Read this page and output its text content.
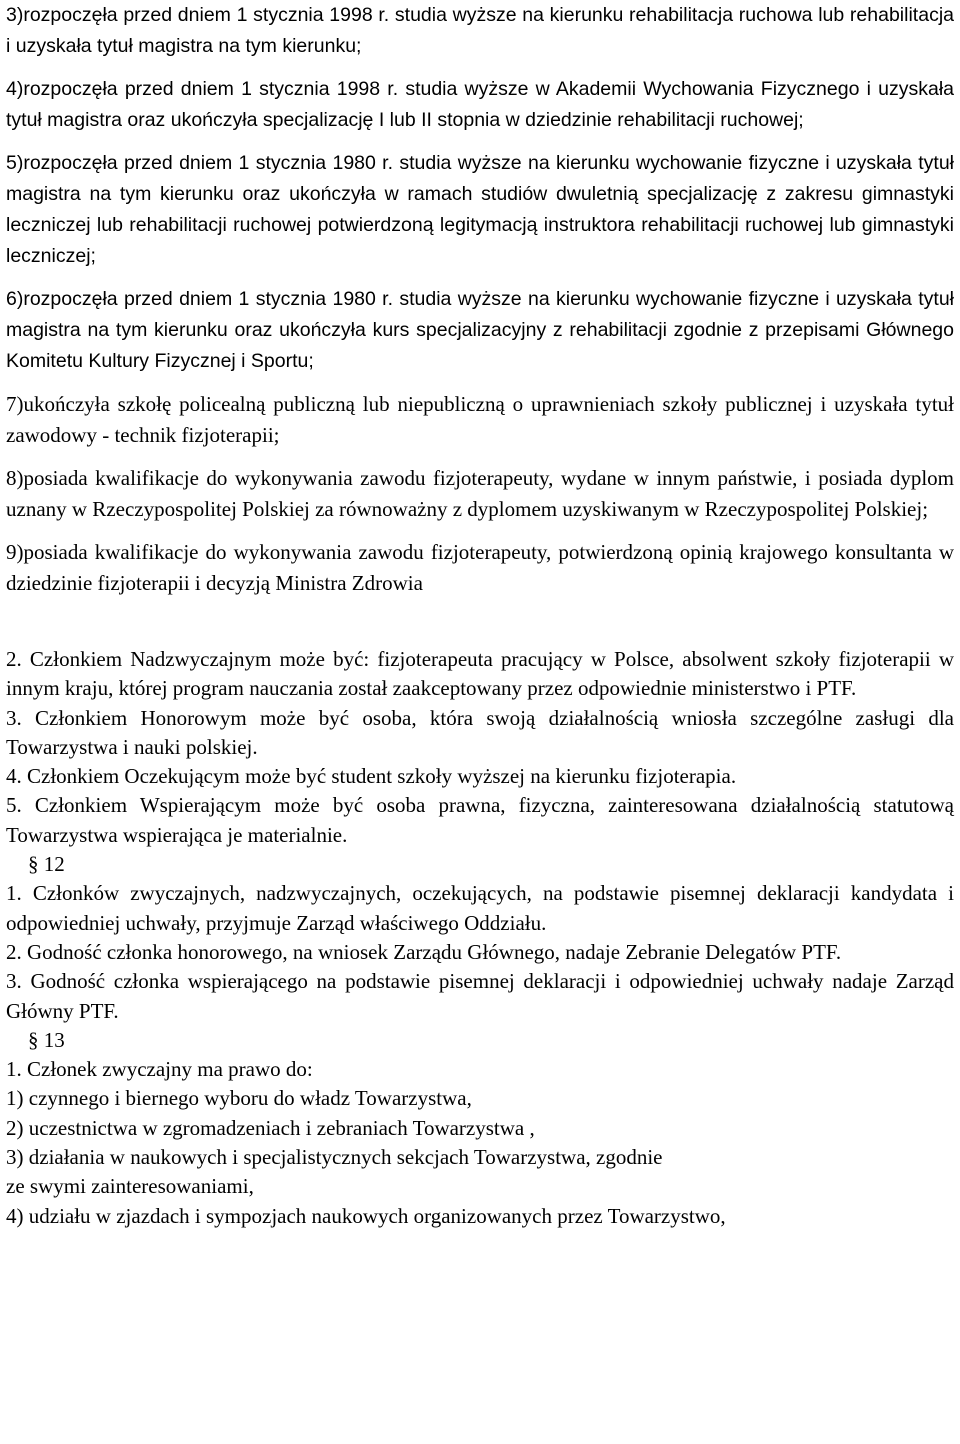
3)rozpoczęła przed dniem 1 stycznia 1998 r. studia wyższe na kierunku rehabilitacja ruchowa lub rehabilitacja i uzyskała tytuł magistra na tym kierunku;

4)rozpoczęła przed dniem 1 stycznia 1998 r. studia wyższe w Akademii Wychowania Fizycznego i uzyskała tytuł magistra oraz ukończyła specjalizację I lub II stopnia w dziedzinie rehabilitacji ruchowej;

5)rozpoczęła przed dniem 1 stycznia 1980 r. studia wyższe na kierunku wychowanie fizyczne i uzyskała tytuł magistra na tym kierunku oraz ukończyła w ramach studiów dwuletnią specjalizację z zakresu gimnastyki leczniczej lub rehabilitacji ruchowej potwierdzoną legitymacją instruktora rehabilitacji ruchowej lub gimnastyki leczniczej;

6)rozpoczęła przed dniem 1 stycznia 1980 r. studia wyższe na kierunku wychowanie fizyczne i uzyskała tytuł magistra na tym kierunku oraz ukończyła kurs specjalizacyjny z rehabilitacji zgodnie z przepisami Głównego Komitetu Kultury Fizycznej i Sportu;

7)ukończyła szkołę policealną publiczną lub niepubliczną o uprawnieniach szkoły publicznej i uzyskała tytuł zawodowy - technik fizjoterapii;

8)posiada kwalifikacje do wykonywania zawodu fizjoterapeuty, wydane w innym państwie, i posiada dyplom uznany w Rzeczypospolitej Polskiej za równoważny z dyplomem uzyskiwanym w Rzeczypospolitej Polskiej;

9)posiada kwalifikacje do wykonywania zawodu fizjoterapeuty, potwierdzoną opinią krajowego konsultanta w dziedzinie fizjoterapii i decyzją Ministra Zdrowia

2. Członkiem Nadzwyczajnym może być: fizjoterapeuta pracujący w Polsce, absolwent szkoły fizjoterapii w innym kraju, której program nauczania został zaakceptowany przez odpowiednie ministerstwo i PTF.

3. Członkiem Honorowym może być osoba, która swoją działalnością wniosła szczególne zasługi dla Towarzystwa i nauki polskiej.

4. Członkiem Oczekującym może być student szkoły wyższej na kierunku fizjoterapia.

5. Członkiem Wspierającym może być osoba prawna, fizyczna, zainteresowana działalnością statutową Towarzystwa wspierająca je materialnie.

§ 12

1. Członków zwyczajnych, nadzwyczajnych, oczekujących, na podstawie pisemnej deklaracji kandydata i odpowiedniej uchwały, przyjmuje Zarząd właściwego Oddziału.

2. Godność członka honorowego, na wniosek Zarządu Głównego, nadaje Zebranie Delegatów PTF.

3. Godność członka wspierającego na podstawie pisemnej deklaracji i odpowiedniej uchwały nadaje Zarząd Główny PTF.

§ 13

1. Członek zwyczajny ma prawo do:

1) czynnego i biernego wyboru do władz Towarzystwa,

2) uczestnictwa w zgromadzeniach i zebraniach Towarzystwa ,

3) działania w naukowych i specjalistycznych sekcjach Towarzystwa, zgodnie

ze swymi zainteresowaniami,

4) udziału w zjazdach i sympozjach naukowych organizowanych przez Towarzystwo,
